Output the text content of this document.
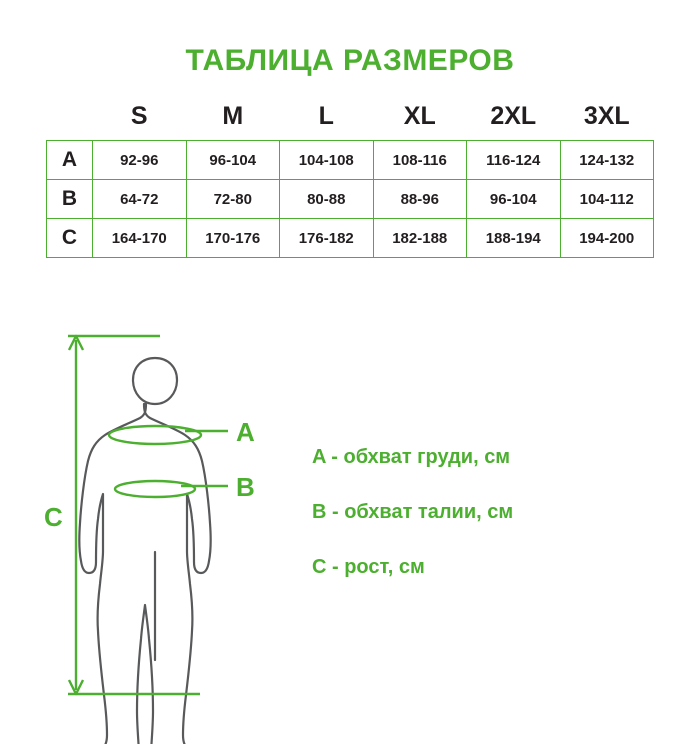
ТАБЛИЦА РАЗМЕРОВ
	S	M	L	XL	2XL	3XL
A	92-96	96-104	104-108	108-116	116-124	124-132
B	64-72	72-80	80-88	88-96	96-104	104-112
C	164-170	170-176	176-182	182-188	188-194	194-200
A
B
C
A - обхват груди, см
B - обхват талии, см
C - рост, см
